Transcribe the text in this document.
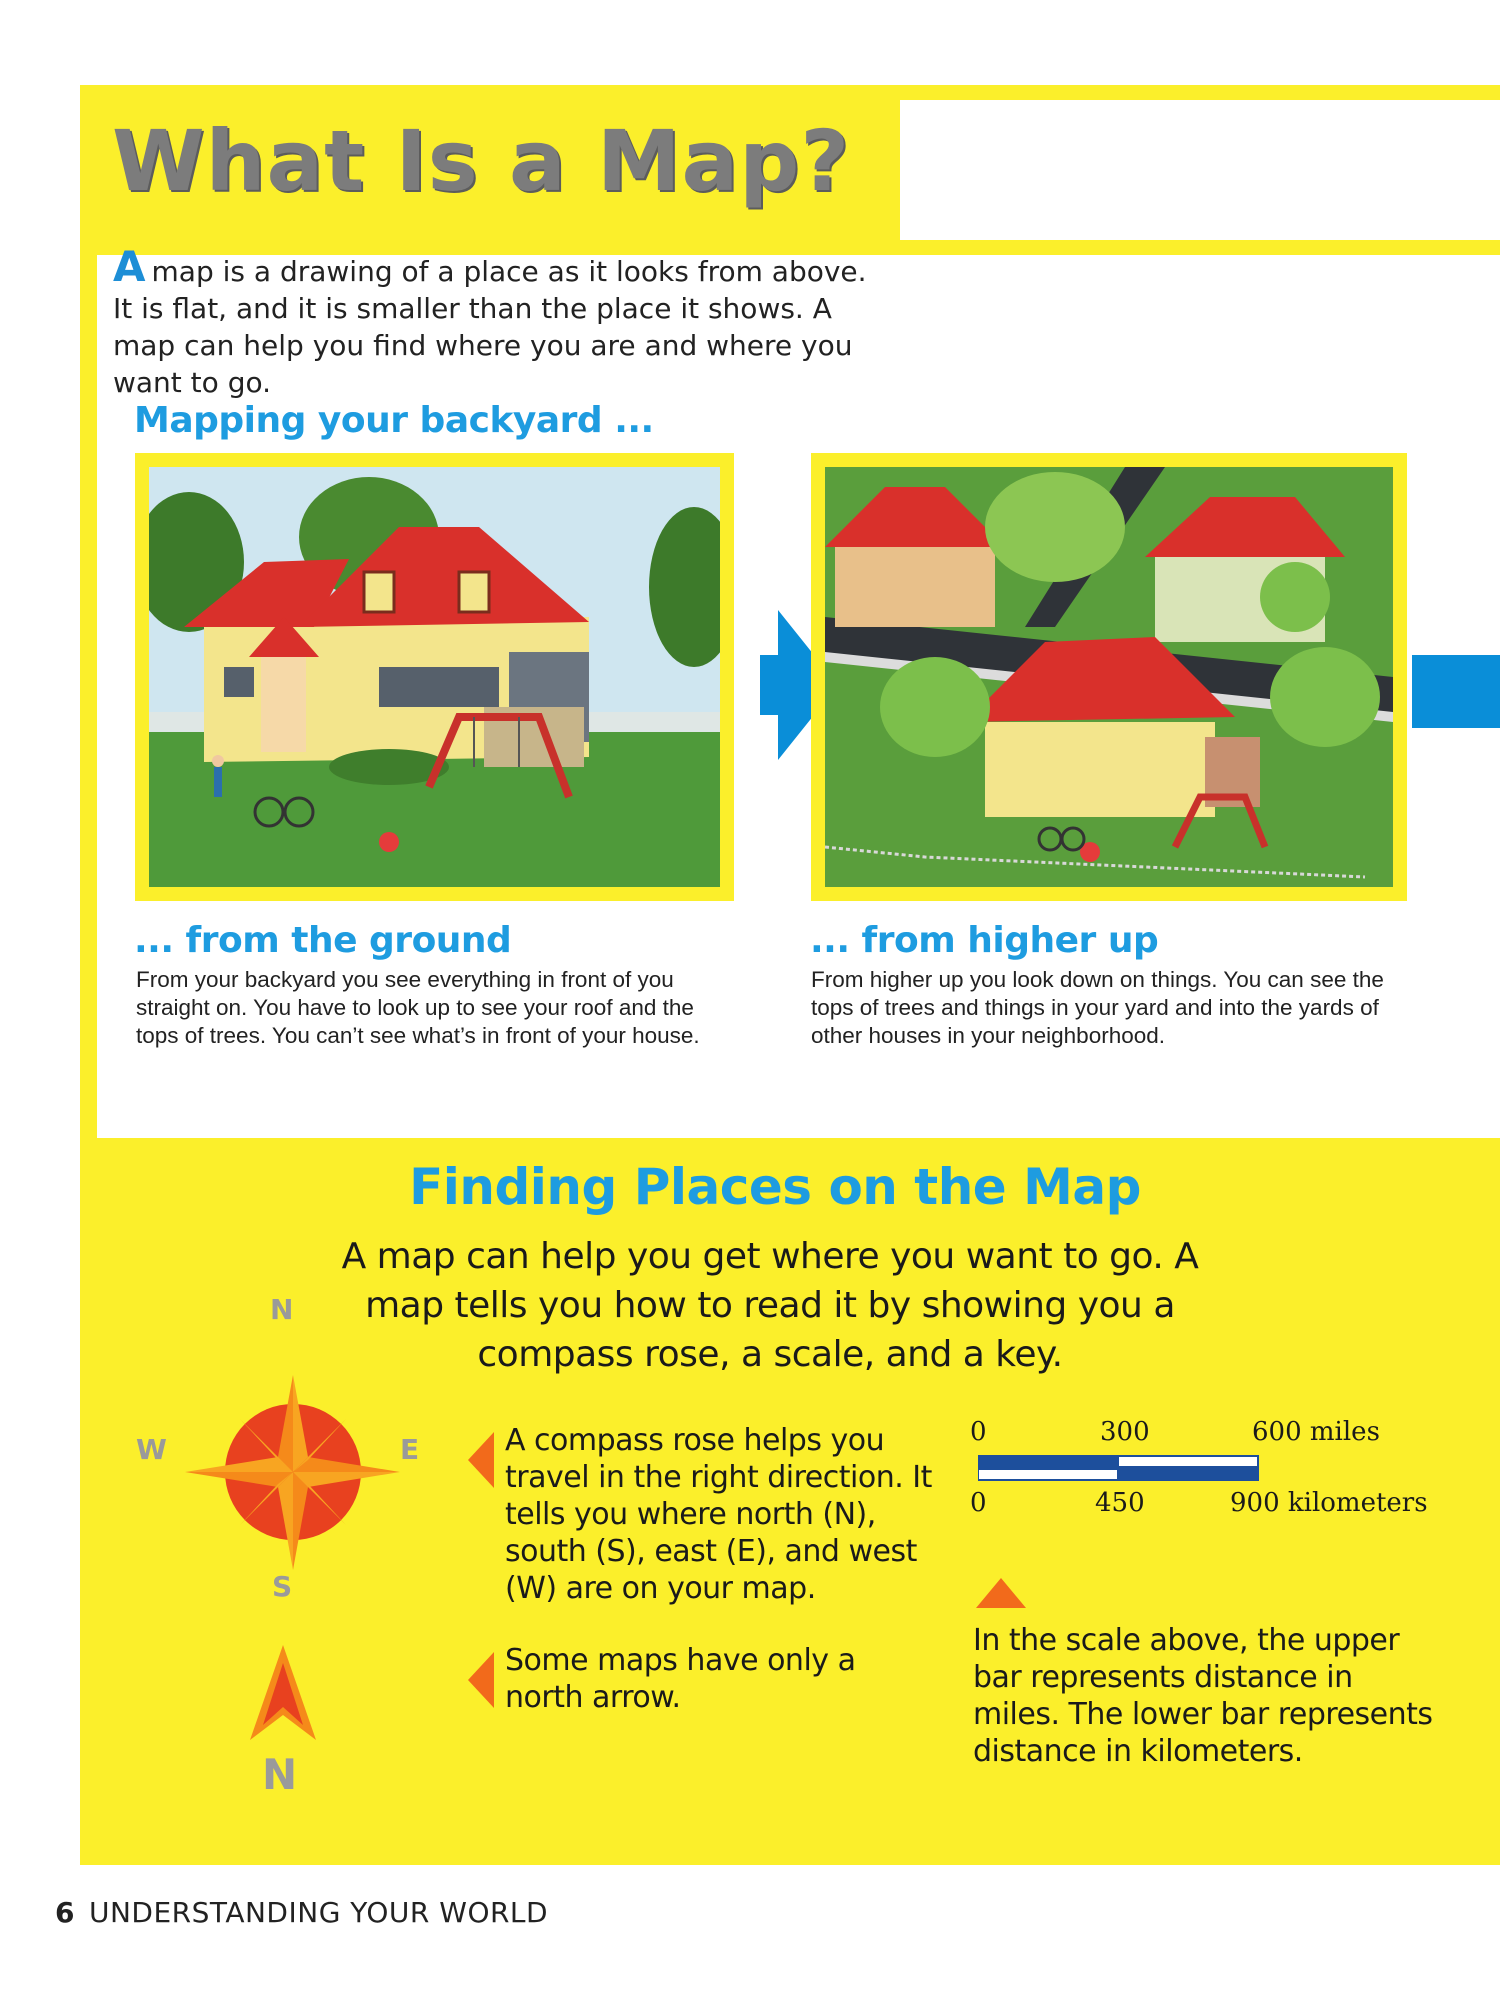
What Is a Map?
Amap is a drawing of a place as it looks from above. It is flat, and it is smaller than the place it shows. A map can help you find where you are and where you want to go.
Mapping your backyard ...
... from the ground
From your backyard you see everything in front of you straight on. You have to look up to see your roof and the tops of trees. You can’t see what’s in front of your house.
... from higher up
From higher up you look down on things. You can see the tops of trees and things in your yard and into the yards of other houses in your neighborhood.
Finding Places on the Map
A map can help you get where you want to go. A map tells you how to read it by showing you a compass rose, a scale, and a key.
N
S
E
W
N
A compass rose helps you travel in the right direction. It tells you where north (N), south (S), east (E), and west (W) are on your map.
Some maps have only a north arrow.
0	300	600 miles
0	450	900 kilometers
In the scale above, the upper bar represents distance in miles. The lower bar represents distance in kilometers.
6 UNDERSTANDING YOUR WORLD
